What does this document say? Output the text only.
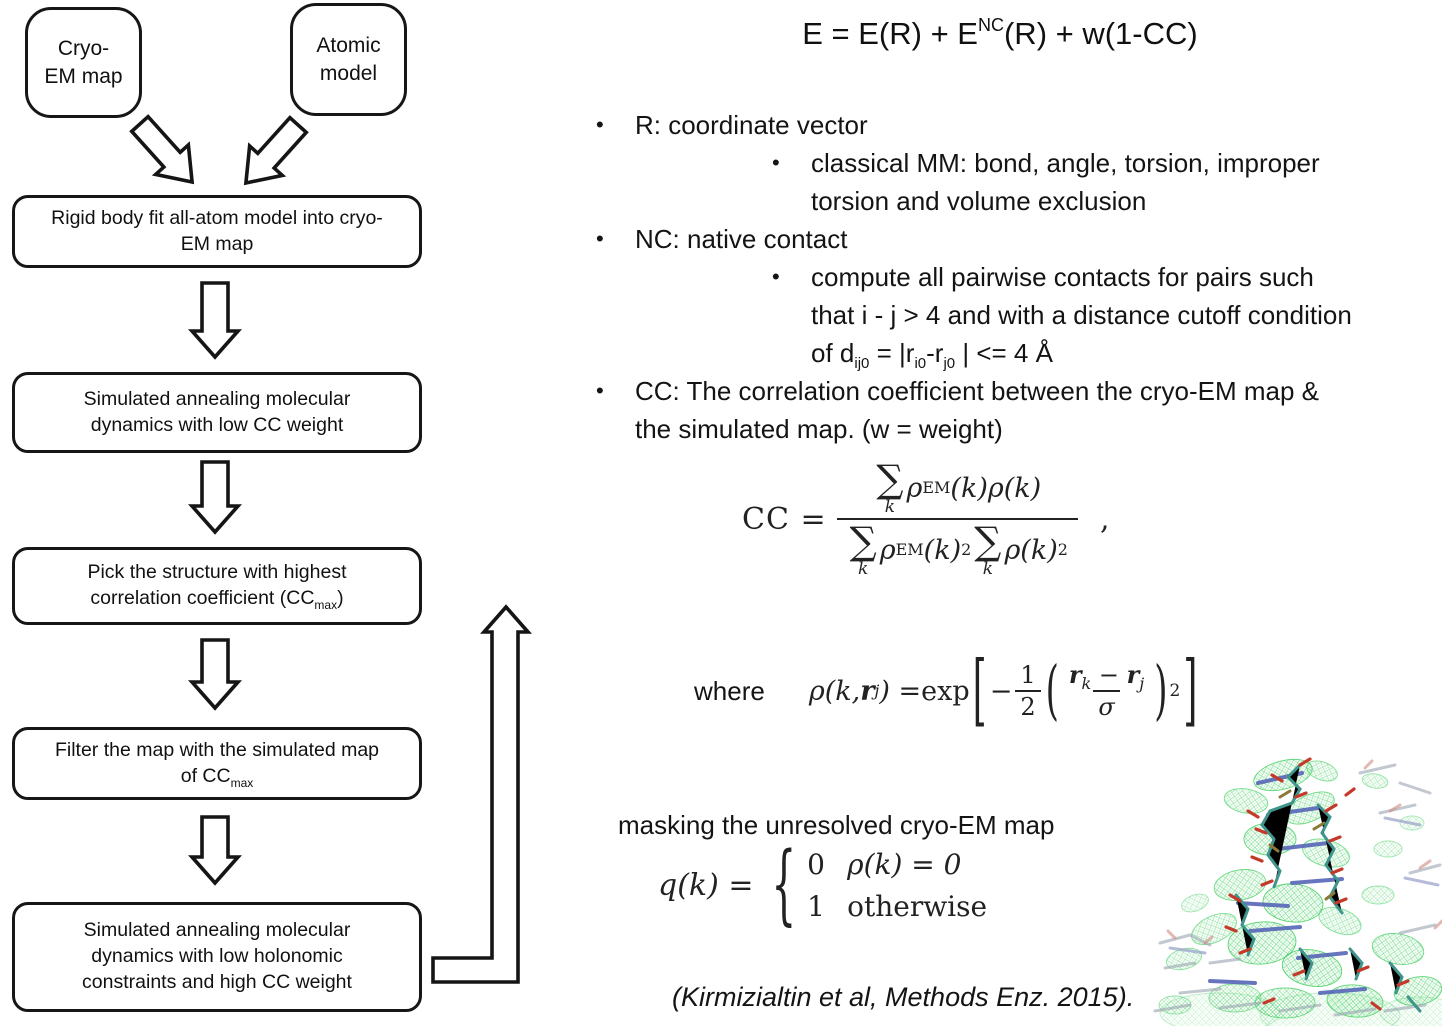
Cryo-
EM map
Atomic
model
Rigid body fit all-atom model into cryo-
EM map
Simulated annealing molecular
dynamics with low CC weight
Pick the structure with highest
correlation coefficient $(CC_{max})$
Filter the map with the simulated map
of $CC_{max}$
Simulated annealing molecular
dynamics with low holonomic
constraints and high CC weight
$E = E(R) + E^{NC}(R) + w(1-CC)$
•	R: coordinate vector
•	classical MM: bond, angle, torsion, improper
torsion and volume exclusion
•	NC: native contact
•	compute all pairwise contacts for pairs such
that i - j > 4 and with a distance cutoff condition
of $d_{ij0} = |r_{i0}-r_{j0}$ | <= 4 Å
•	CC: The correlation coefficient between the cryo-EM map &
the simulated map. (w = weight)
CC = ∑
k
ρ EM (k) ρ(k)
∑
k
ρ EM (k) 2 ∑
k
ρ(k) 2 ,
where ρ(k, r j ) = exp [ − $\frac{1}{2}$ ( $r_k - r_j$
σ ) 2 ]
masking the unresolved cryo-EM map
q(k) = { 0 ρ(k) = 0
1 otherwise
(Kirmizialtin et al, Methods Enz. 2015).
